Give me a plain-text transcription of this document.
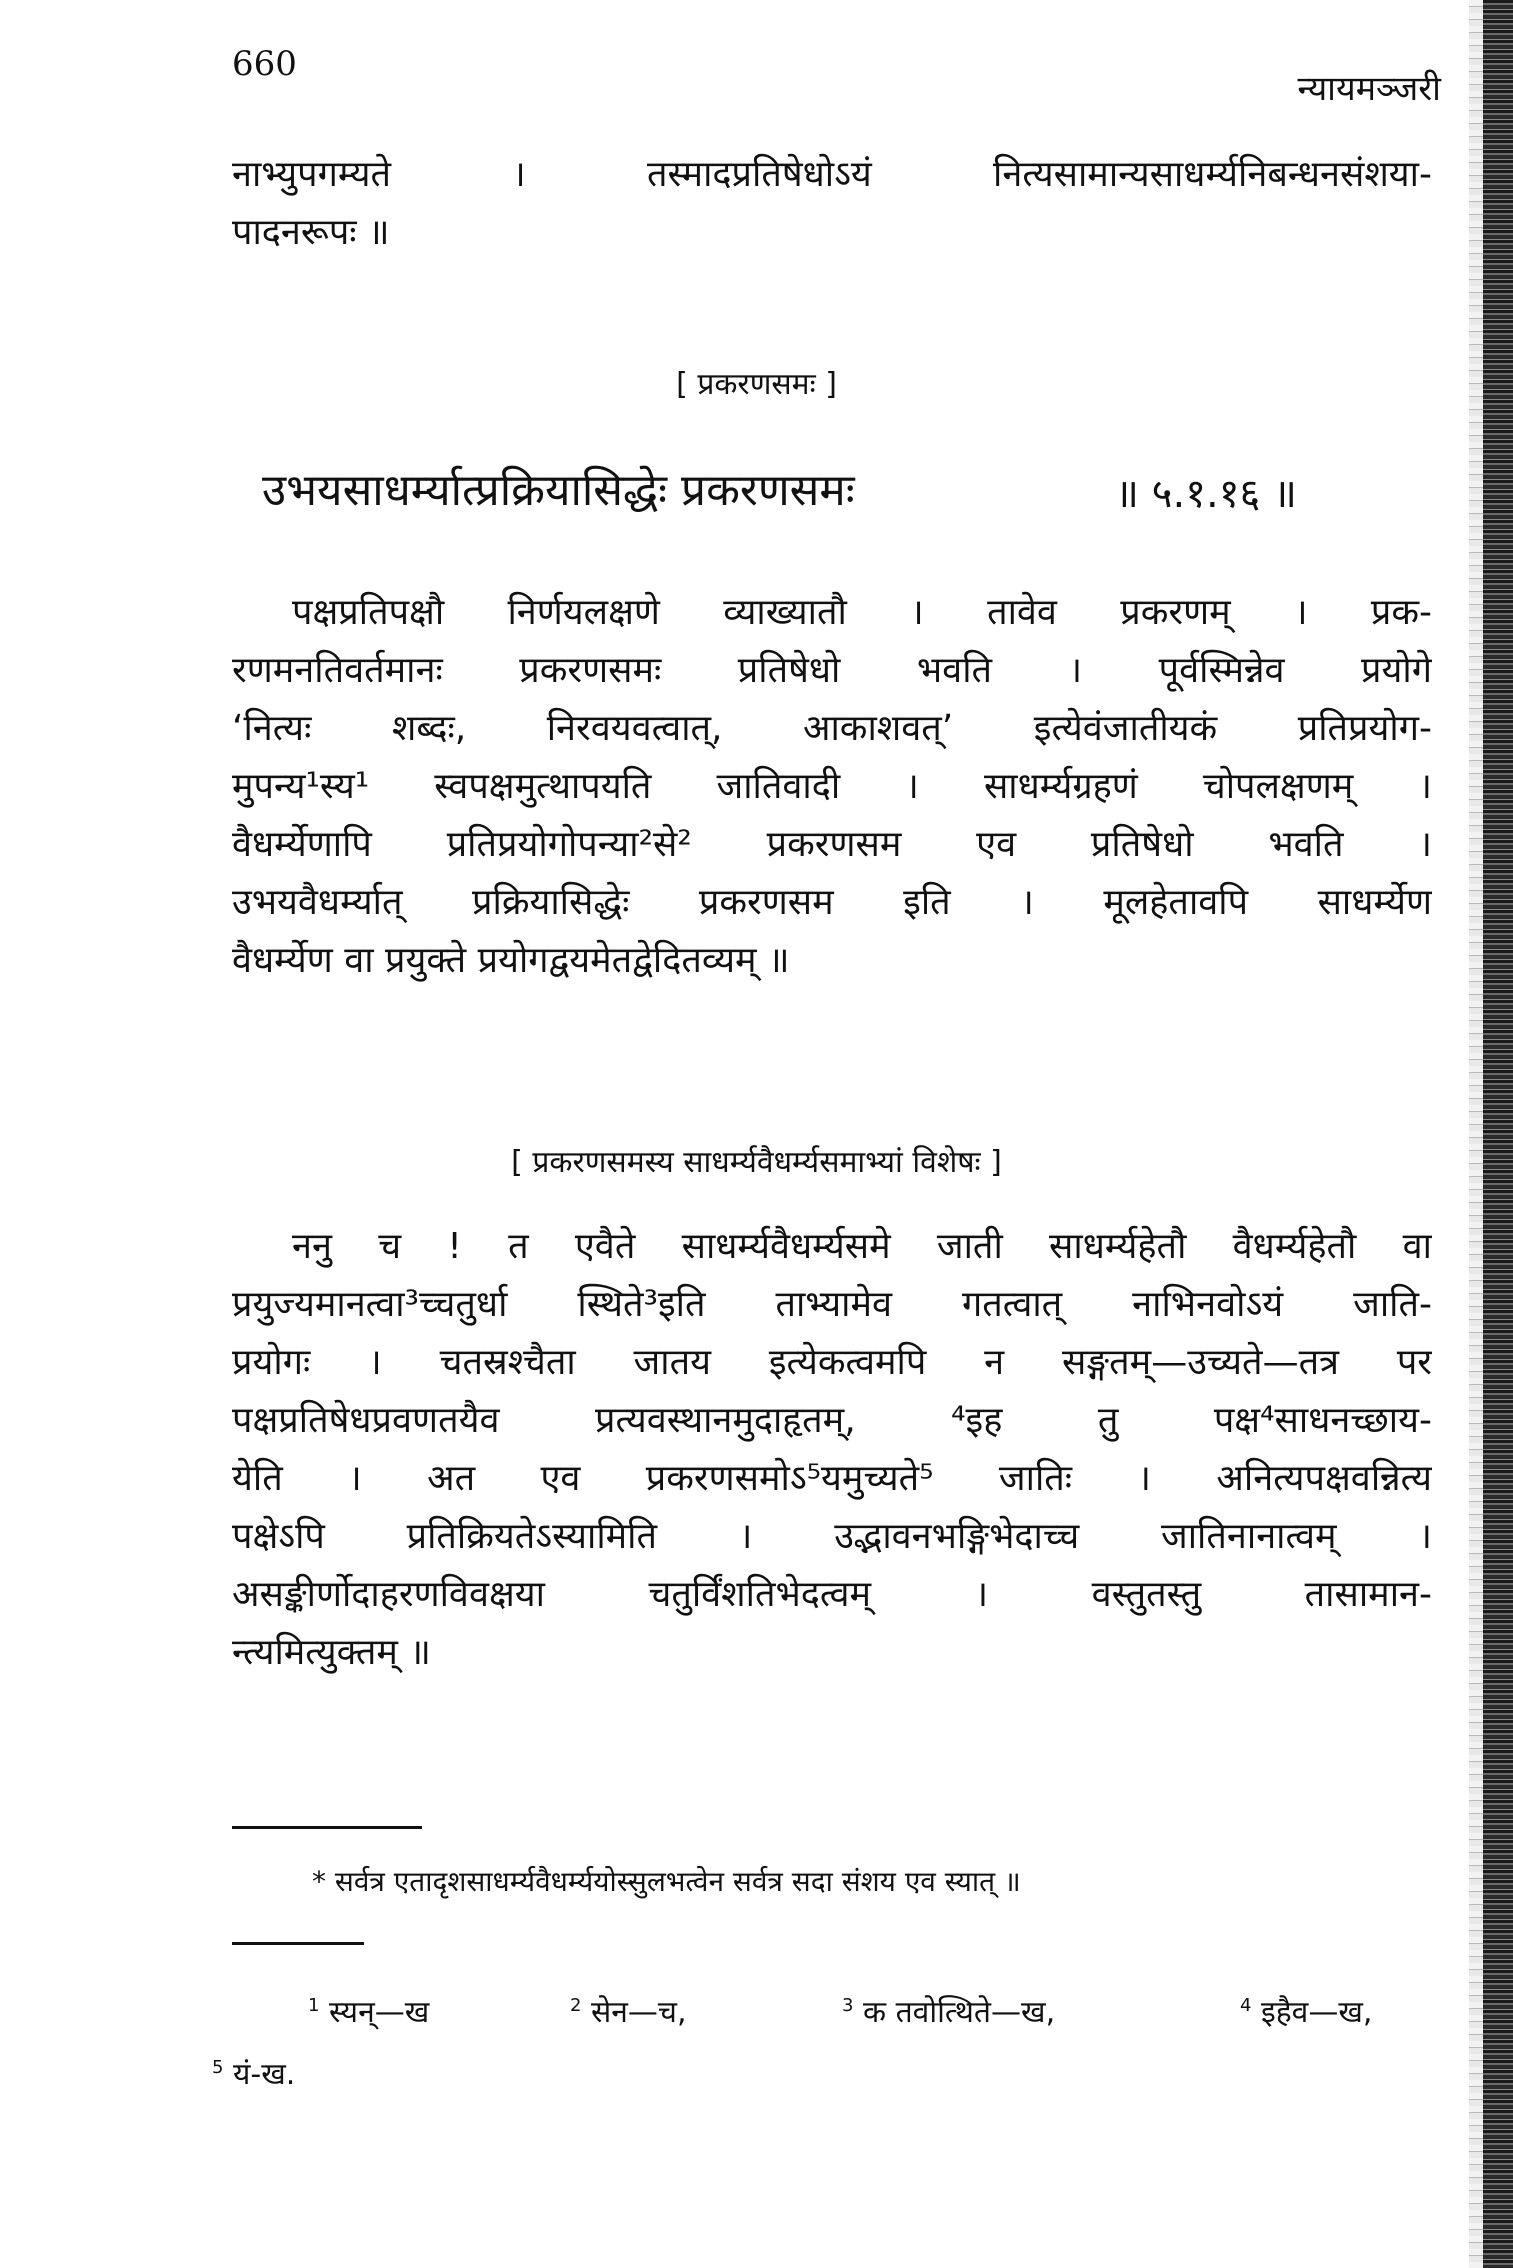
660
न्यायमञ्जरी
नाभ्युपगम्यते । तस्मादप्रतिषेधोऽयं नित्यसामान्यसाधर्म्यनिबन्धनसंशया-
पादनरूपः ॥
[ प्रकरणसमः ]
उभयसाधर्म्यात्प्रक्रियासिद्धेः प्रकरणसमः	॥ ५.१.१६ ॥
पक्षप्रतिपक्षौ निर्णयलक्षणे व्याख्यातौ । तावेव प्रकरणम् । प्रक-
रणमनतिवर्तमानः प्रकरणसमः प्रतिषेधो भवति । पूर्वस्मिन्नेव प्रयोगे
‘नित्यः शब्दः, निरवयवत्वात्, आकाशवत्’ इत्येवंजातीयकं प्रतिप्रयोग-
मुपन्य¹स्य¹ स्वपक्षमुत्थापयति जातिवादी । साधर्म्यग्रहणं चोपलक्षणम् ।
वैधर्म्येणापि प्रतिप्रयोगोपन्या²से² प्रकरणसम एव प्रतिषेधो भवति ।
उभयवैधर्म्यात् प्रक्रियासिद्धेः प्रकरणसम इति । मूलहेतावपि साधर्म्येण
वैधर्म्येण वा प्रयुक्ते प्रयोगद्वयमेतद्वेदितव्यम् ॥
[ प्रकरणसमस्य साधर्म्यवैधर्म्यसमाभ्यां विशेषः ]
ननु च ! त एवैते साधर्म्यवैधर्म्यसमे जाती साधर्म्यहेतौ वैधर्म्यहेतौ वा
प्रयुज्यमानत्वा³च्चतुर्धा स्थिते³इति ताभ्यामेव गतत्वात् नाभिनवोऽयं जाति-
प्रयोगः । चतस्रश्चैता जातय इत्येकत्वमपि न सङ्गतम्—उच्यते—तत्र पर
पक्षप्रतिषेधप्रवणतयैव प्रत्यवस्थानमुदाहृतम्, ⁴इह तु पक्ष⁴साधनच्छाय-
येति । अत एव प्रकरणसमोऽ⁵यमुच्यते⁵ जातिः । अनित्यपक्षवन्नित्य
पक्षेऽपि प्रतिक्रियतेऽस्यामिति । उद्भावनभङ्गिभेदाच्च जातिनानात्वम् ।
असङ्कीर्णोदाहरणविवक्षया चतुर्विंशतिभेदत्वम् । वस्तुतस्तु तासामान-
न्त्यमित्युक्तम् ॥
* सर्वत्र एतादृशसाधर्म्यवैधर्म्ययोस्सुलभत्वेन सर्वत्र सदा संशय एव स्यात् ॥
$^1$ स्यन्—ख	$^2$ सेन—च,	$^3$ क तवोत्थिते—ख,	$^4$ इहैव—ख,
$^5$ यं-ख.
